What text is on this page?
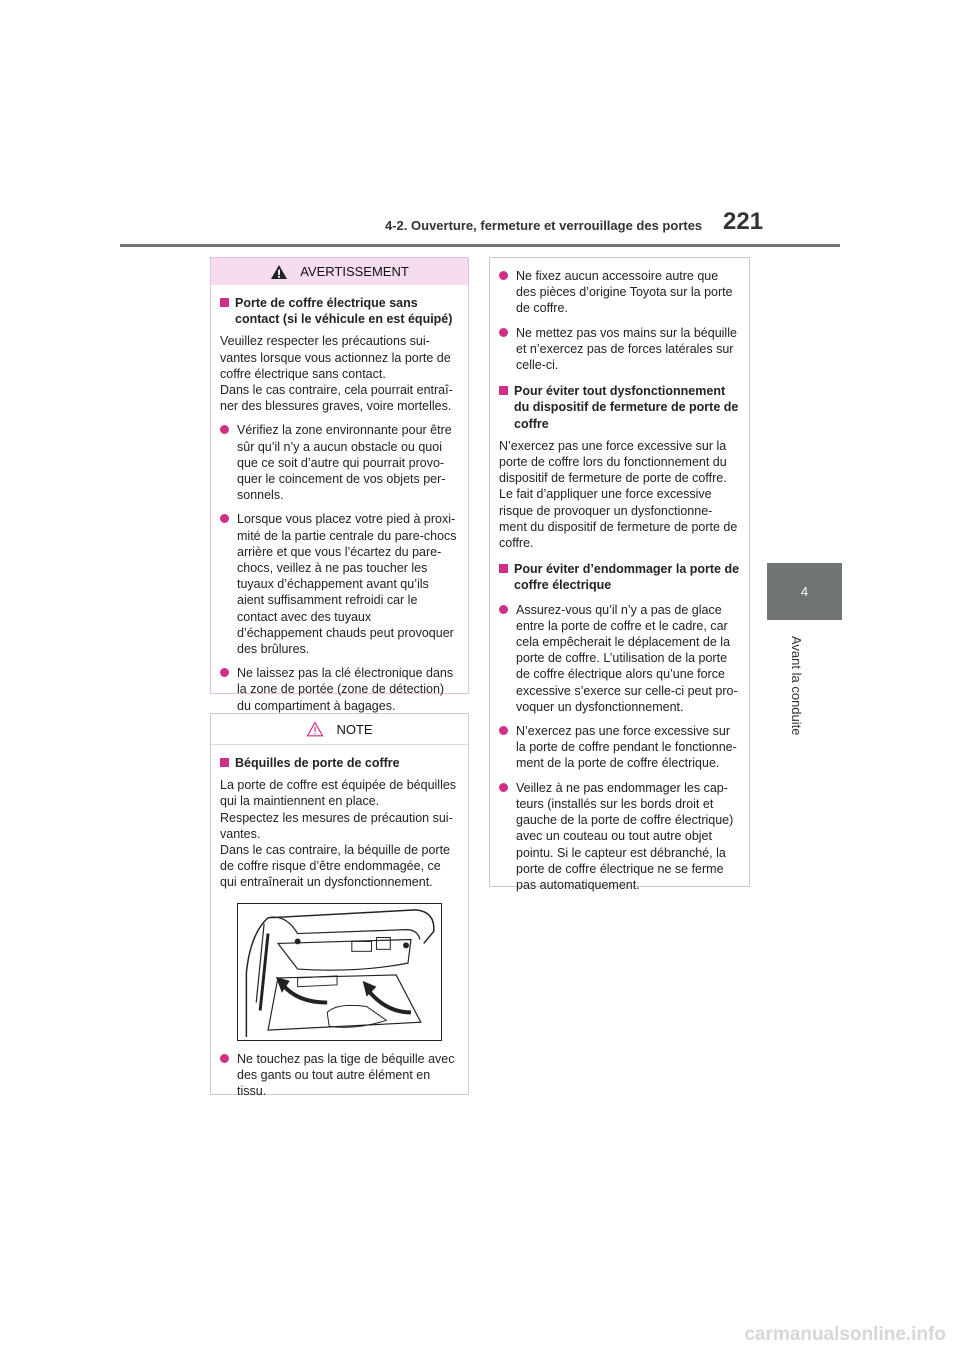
4-2. Ouverture, fermeture et verrouillage des portes 221
4
Avant la conduite
AVERTISSEMENT
Porte de coffre électrique sans contact (si le véhicule en est équipé)
Veuillez respecter les précautions sui-vantes lorsque vous actionnez la porte de coffre électrique sans contact.
Dans le cas contraire, cela pourrait entraî-ner des blessures graves, voire mortelles.
Vérifiez la zone environnante pour être sûr qu’il n’y a aucun obstacle ou quoi que ce soit d’autre qui pourrait provo-quer le coincement de vos objets per-sonnels.
Lorsque vous placez votre pied à proxi-mité de la partie centrale du pare-chocs arrière et que vous l’écartez du pare-chocs, veillez à ne pas toucher les tuyaux d’échappement avant qu’ils aient suffisamment refroidi car le contact avec des tuyaux d’échappement chauds peut provoquer des brûlures.
Ne laissez pas la clé électronique dans la zone de portée (zone de détection) du compartiment à bagages.
NOTE
Béquilles de porte de coffre
La porte de coffre est équipée de béquilles qui la maintiennent en place.
Respectez les mesures de précaution sui-vantes.
Dans le cas contraire, la béquille de porte de coffre risque d’être endommagée, ce qui entraînerait un dysfonctionnement.
Ne touchez pas la tige de béquille avec des gants ou tout autre élément en tissu.
Ne fixez aucun accessoire autre que des pièces d’origine Toyota sur la porte de coffre.
Ne mettez pas vos mains sur la béquille et n’exercez pas de forces latérales sur celle-ci.
Pour éviter tout dysfonctionnement du dispositif de fermeture de porte de coffre
N’exercez pas une force excessive sur la porte de coffre lors du fonctionnement du dispositif de fermeture de porte de coffre.
Le fait d’appliquer une force excessive risque de provoquer un dysfonctionne-ment du dispositif de fermeture de porte de coffre.
Pour éviter d’endommager la porte de coffre électrique
Assurez-vous qu’il n’y a pas de glace entre la porte de coffre et le cadre, car cela empêcherait le déplacement de la porte de coffre. L’utilisation de la porte de coffre électrique alors qu’une force excessive s’exerce sur celle-ci peut pro-voquer un dysfonctionnement.
N’exercez pas une force excessive sur la porte de coffre pendant le fonctionne-ment de la porte de coffre électrique.
Veillez à ne pas endommager les cap-teurs (installés sur les bords droit et gauche de la porte de coffre électrique) avec un couteau ou tout autre objet pointu. Si le capteur est débranché, la porte de coffre électrique ne se ferme pas automatiquement.
carmanualsonline.info
